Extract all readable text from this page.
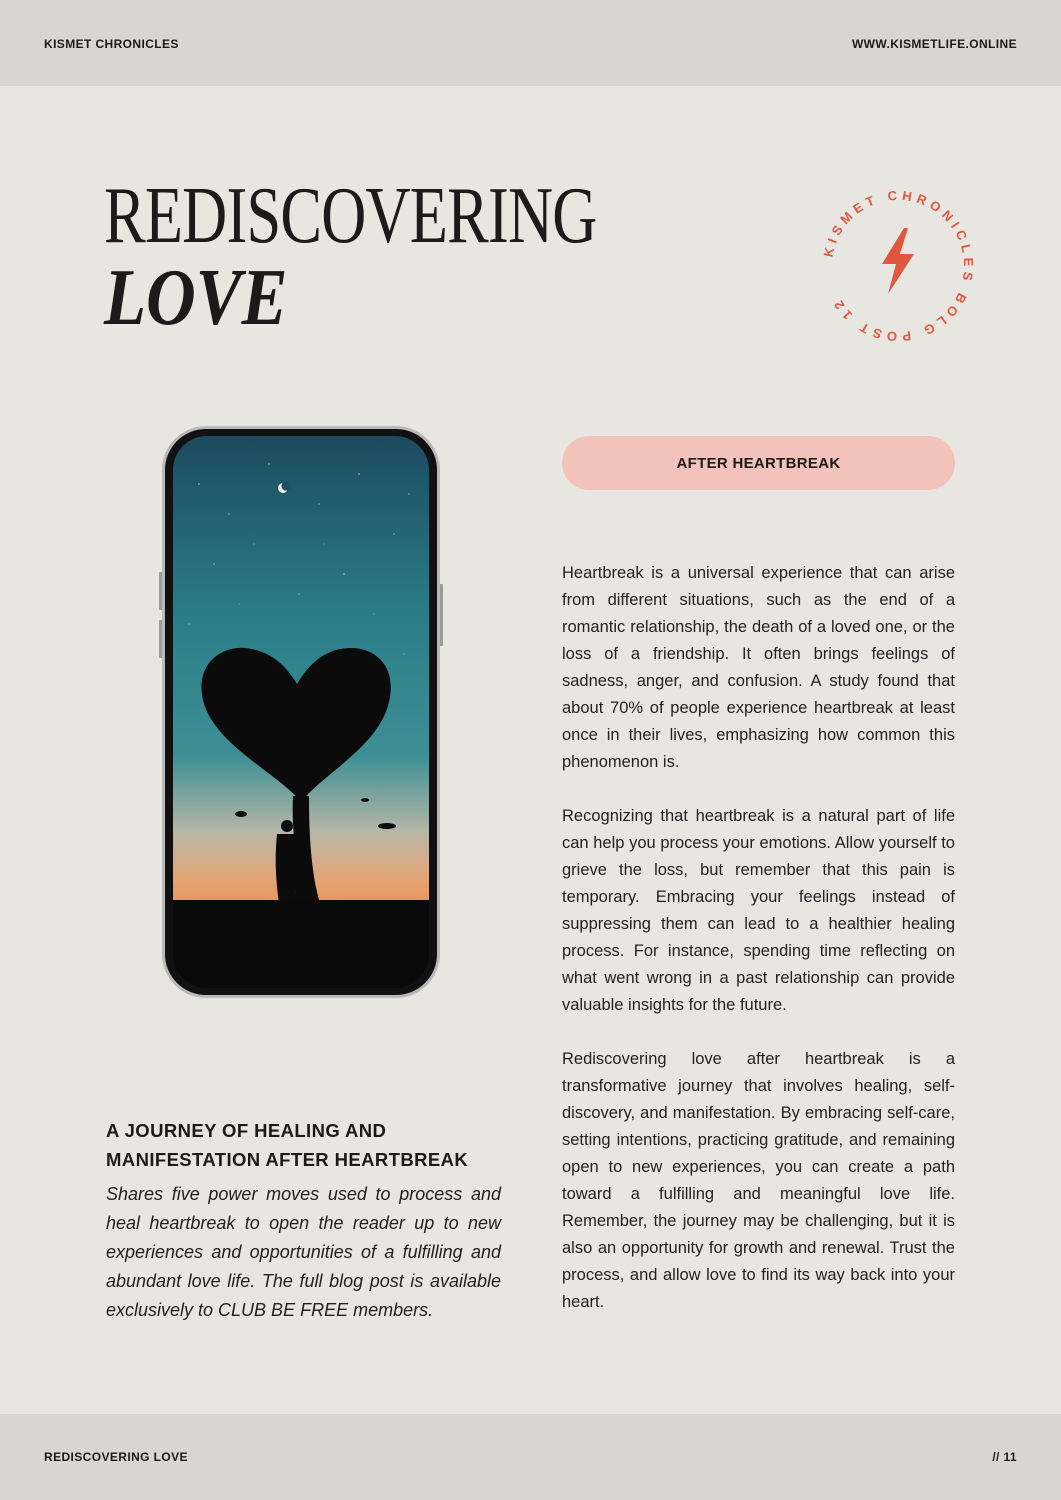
KISMET CHRONICLES	WWW.KISMETLIFE.ONLINE
REDISCOVERING
LOVE
KISMET CHRONICLES BOLG POST 12
AFTER HEARTBREAK

Heartbreak is a universal experience that can arise from different situations, such as the end of a romantic relationship, the death of a loved one, or the loss of a friendship. It often brings feelings of sadness, anger, and confusion. A study found that about 70% of people experience heartbreak at least once in their lives, emphasizing how common this phenomenon is.

Recognizing that heartbreak is a natural part of life can help you process your emotions. Allow yourself to grieve the loss, but remember that this pain is temporary. Embracing your feelings instead of suppressing them can lead to a healthier healing process. For instance, spending time reflecting on what went wrong in a past relationship can provide valuable insights for the future.

Rediscovering love after heartbreak is a transformative journey that involves healing, self-discovery, and manifestation. By embracing self-care, setting intentions, practicing gratitude, and remaining open to new experiences, you can create a path toward a fulfilling and meaningful love life. Remember, the journey may be challenging, but it is also an opportunity for growth and renewal. Trust the process, and allow love to find its way back into your heart.

A JOURNEY OF HEALING AND
MANIFESTATION AFTER HEARTBREAK
Shares five power moves used to process and heal heartbreak to open the reader up to new experiences and opportunities of a fulfilling and abundant love life. The full blog post is available exclusively to CLUB BE FREE members.
REDISCOVERING LOVE	// 11
